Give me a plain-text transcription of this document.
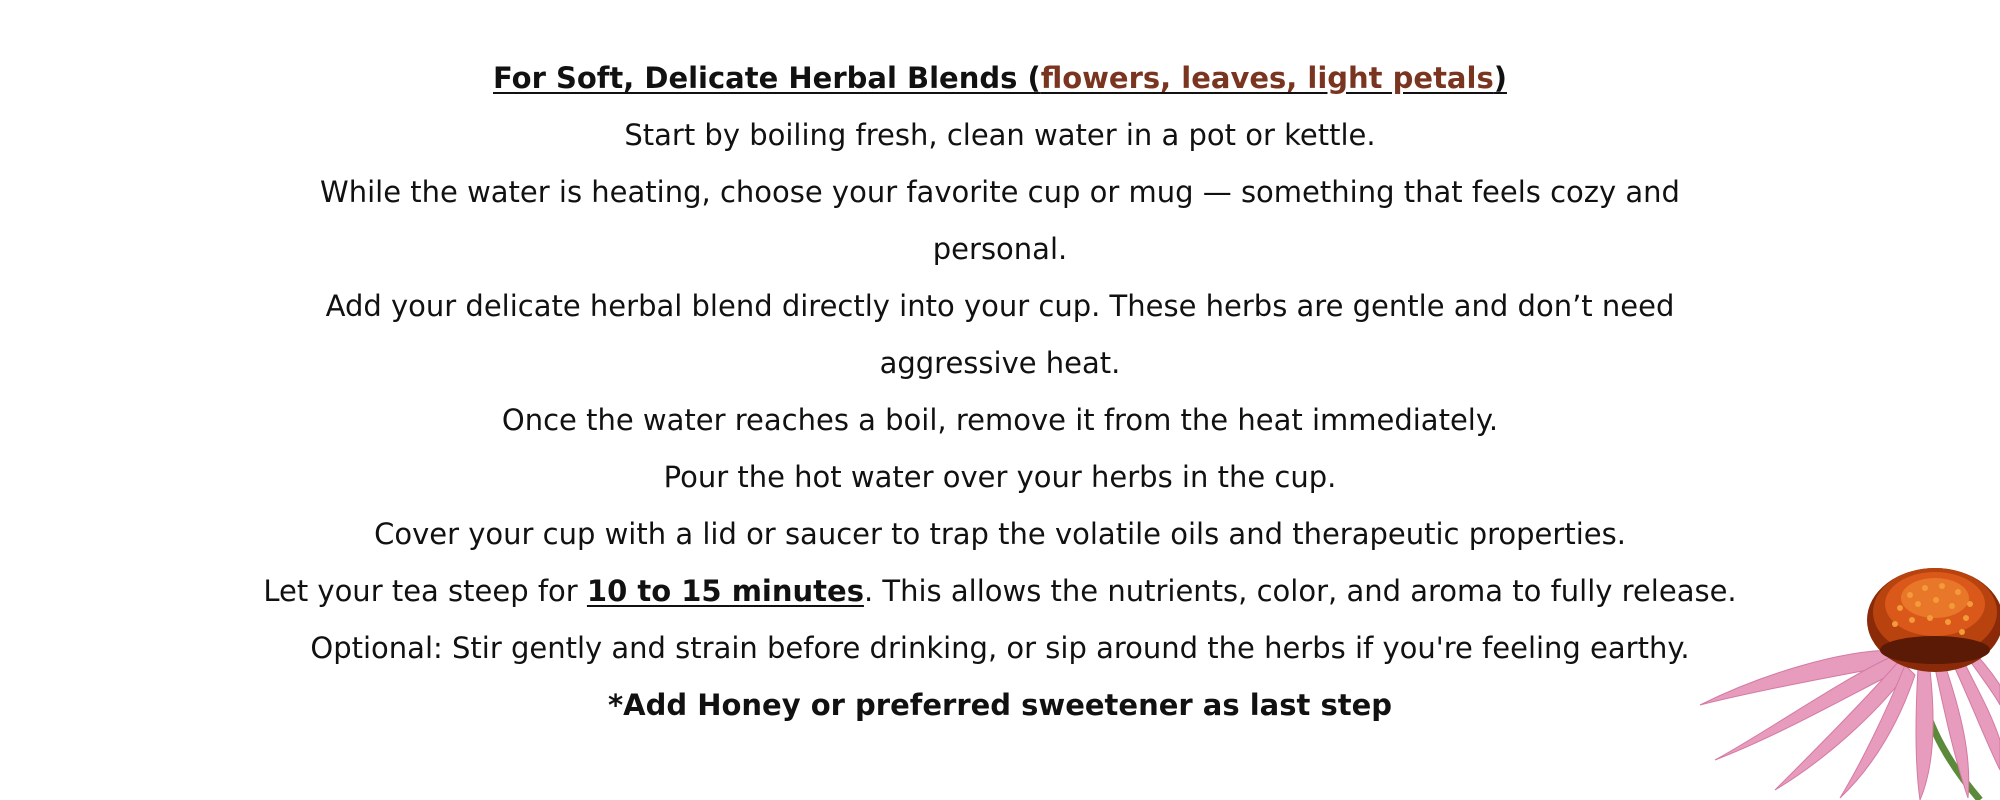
For Soft, Delicate Herbal Blends (flowers, leaves, light petals)
Start by boiling fresh, clean water in a pot or kettle.
While the water is heating, choose your favorite cup or mug — something that feels cozy and
personal.
Add your delicate herbal blend directly into your cup. These herbs are gentle and don’t need
aggressive heat.
Once the water reaches a boil, remove it from the heat immediately.
Pour the hot water over your herbs in the cup.
Cover your cup with a lid or saucer to trap the volatile oils and therapeutic properties.
Let your tea steep for 10 to 15 minutes. This allows the nutrients, color, and aroma to fully release.
Optional: Stir gently and strain before drinking, or sip around the herbs if you're feeling earthy.
*Add Honey or preferred sweetener as last step
